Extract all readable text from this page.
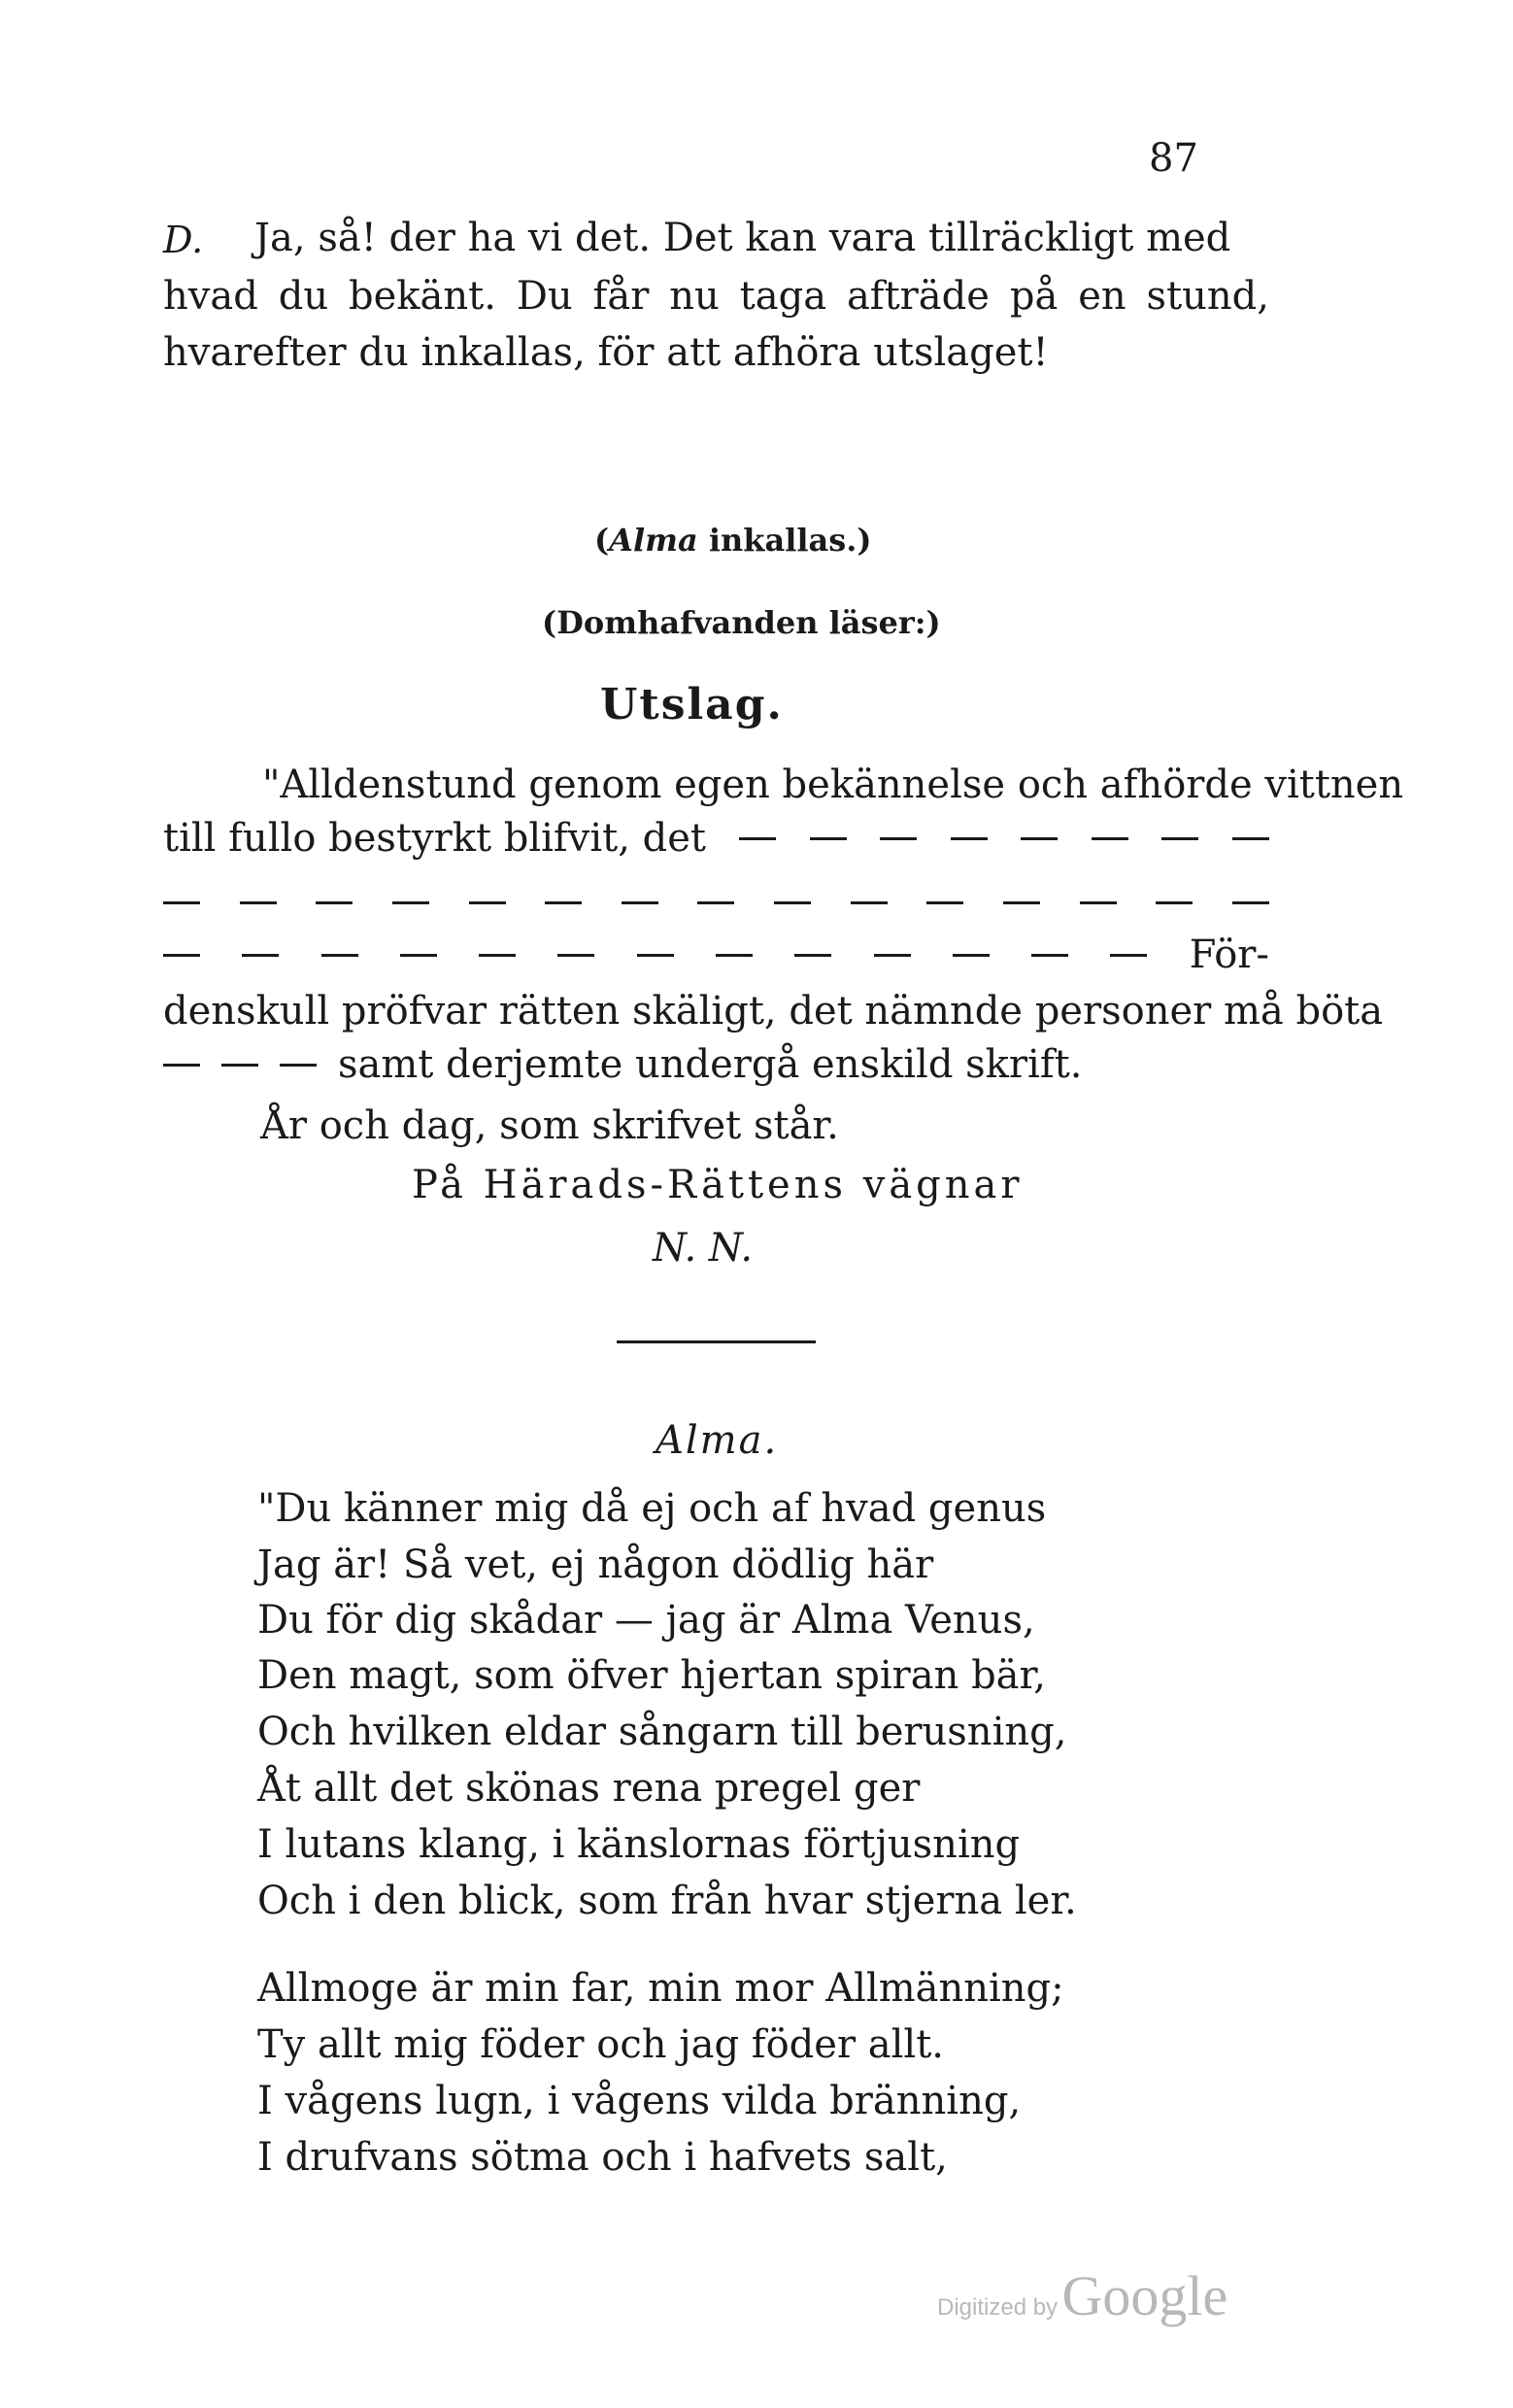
87
D. Ja, så! der ha vi det. Det kan vara tillräckligt med
hvad du bekänt. Du får nu taga afträde på en stund,
hvarefter du inkallas, för att afhöra utslaget!
(Alma inkallas.)
(Domhafvanden läser:)
Utslag.
"Alldenstund genom egen bekännelse och afhörde vittnen
till fullo bestyrkt blifvit, det
För-
denskull pröfvar rätten skäligt, det nämnde personer må böta
samt derjemte undergå enskild skrift.
År och dag, som skrifvet står.
På Härads-Rättens vägnar
N. N.
Alma.
"Du känner mig då ej och af hvad genus
Jag är! Så vet, ej någon dödlig här
Du för dig skådar — jag är Alma Venus,
Den magt, som öfver hjertan spiran bär,
Och hvilken eldar sångarn till berusning,
Åt allt det skönas rena pregel ger
I lutans klang, i känslornas förtjusning
Och i den blick, som från hvar stjerna ler.
Allmoge är min far, min mor Allmänning;
Ty allt mig föder och jag föder allt.
I vågens lugn, i vågens vilda bränning,
I drufvans sötma och i hafvets salt,
Digitized by Google
